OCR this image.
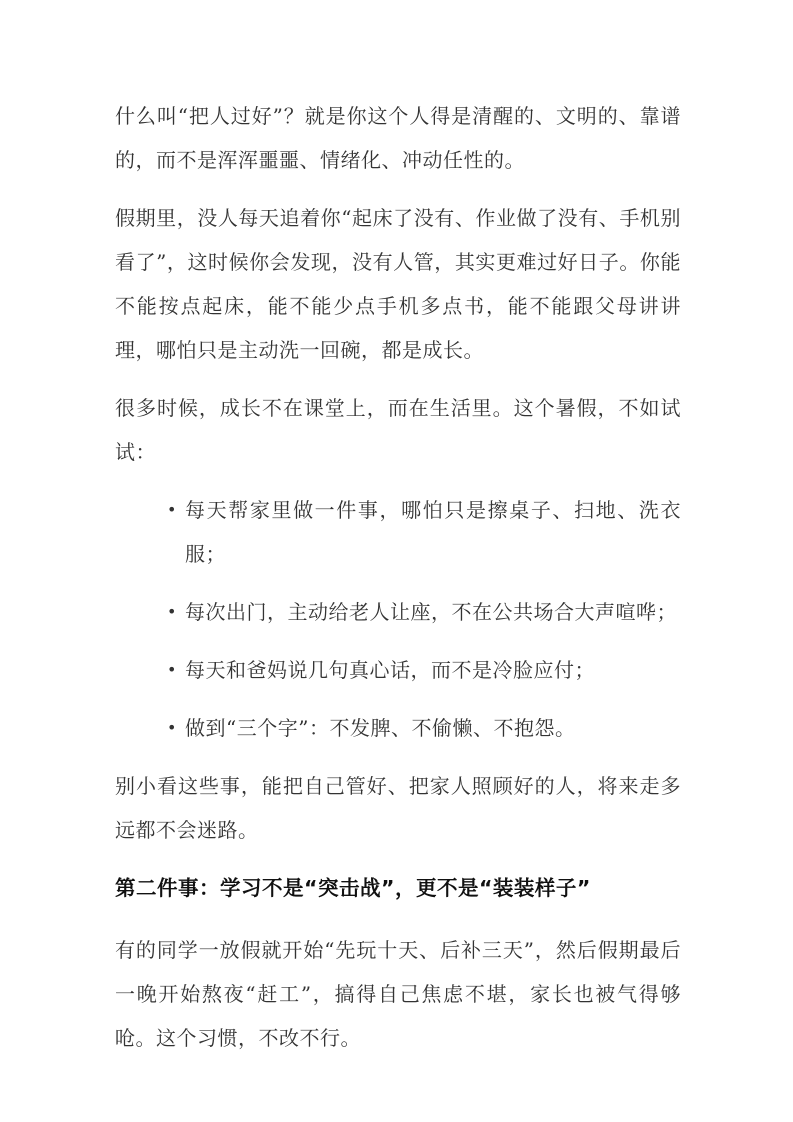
什么叫“把人过好”？就是你这个人得是清醒的、文明的、靠谱的，而不是浑浑噩噩、情绪化、冲动任性的。

假期里，没人每天追着你“起床了没有、作业做了没有、手机别看了”，这时候你会发现，没有人管，其实更难过好日子。你能不能按点起床，能不能少点手机多点书，能不能跟父母讲讲理，哪怕只是主动洗一回碗，都是成长。

很多时候，成长不在课堂上，而在生活里。这个暑假，不如试试：

• 每天帮家里做一件事，哪怕只是擦桌子、扫地、洗衣服；
• 每次出门，主动给老人让座，不在公共场合大声喧哗；
• 每天和爸妈说几句真心话，而不是冷脸应付；
• 做到“三个字”：不发脾、不偷懒、不抱怨。

别小看这些事，能把自己管好、把家人照顾好的人，将来走多远都不会迷路。

第二件事：学习不是“突击战”，更不是“装装样子”

有的同学一放假就开始“先玩十天、后补三天”，然后假期最后一晚开始熬夜“赶工”，搞得自己焦虑不堪，家长也被气得够呛。这个习惯，不改不行。
